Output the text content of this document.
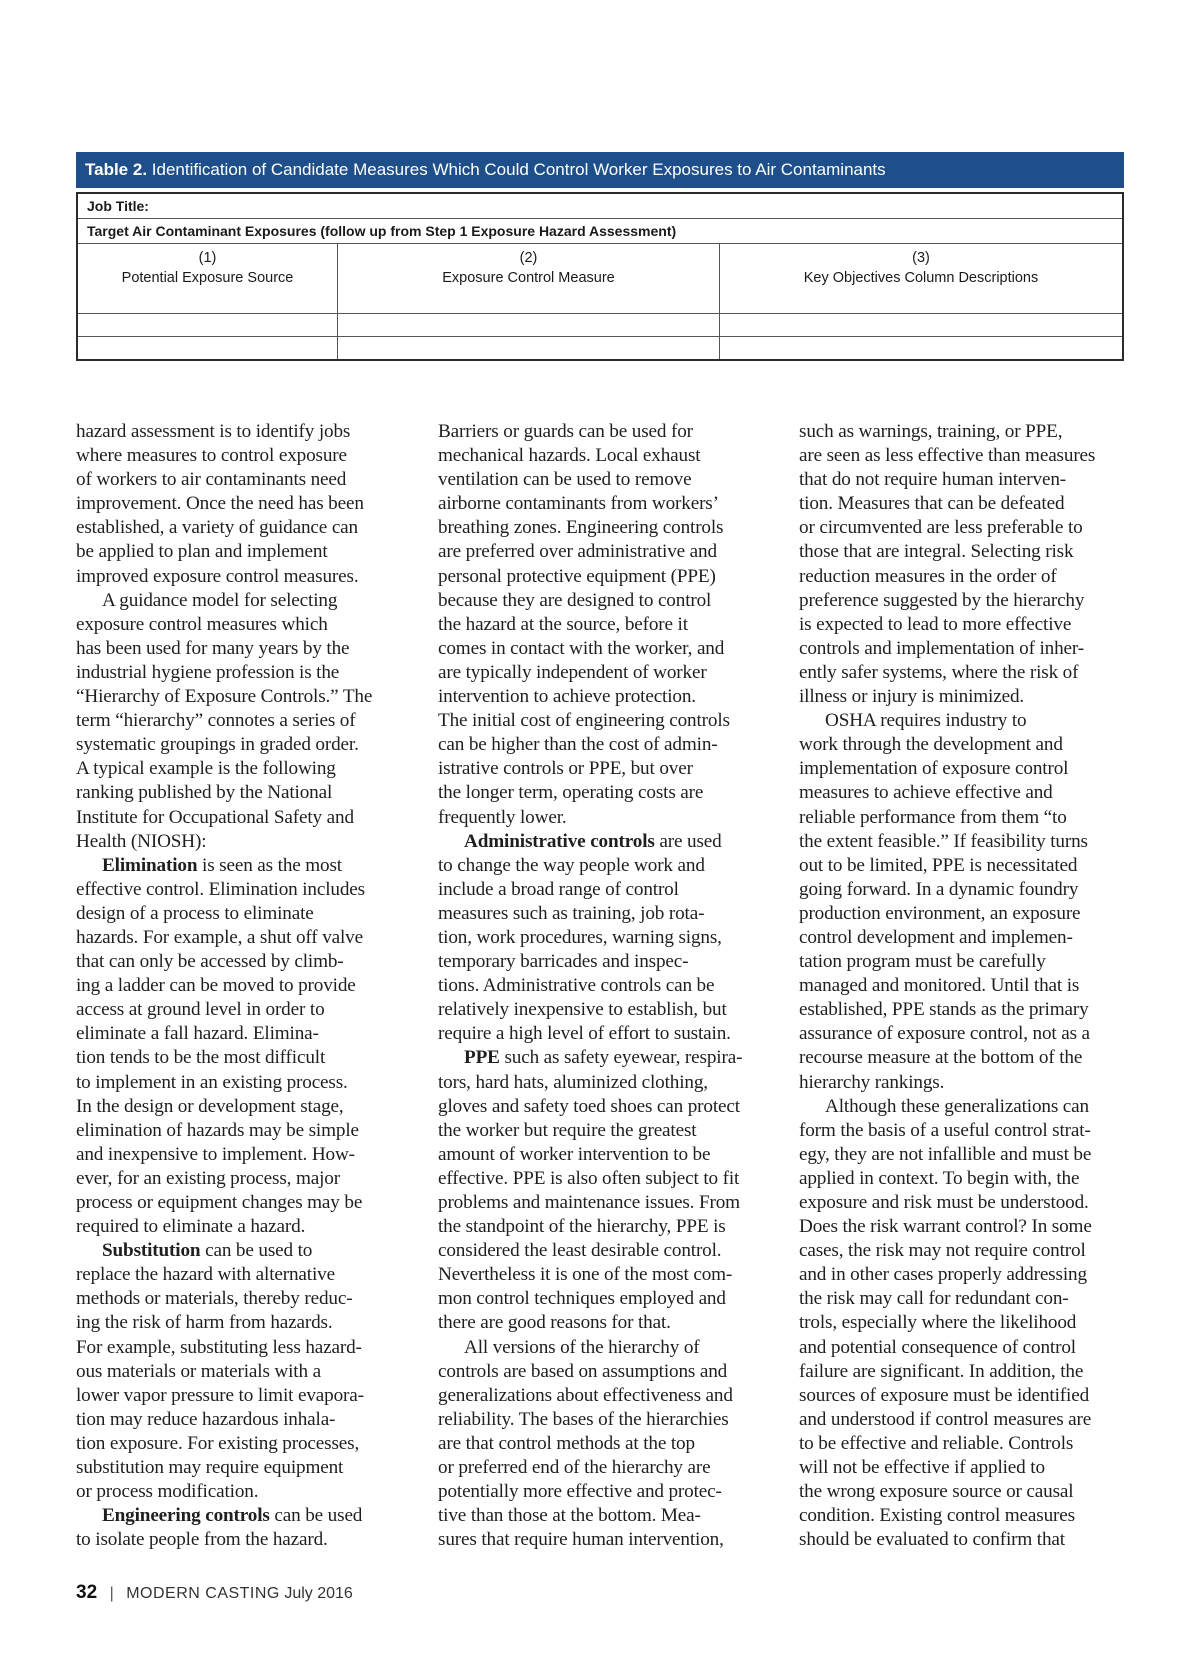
Table 2. Identification of Candidate Measures Which Could Control Worker Exposures to Air Contaminants
Job Title:
Target Air Contaminant Exposures (follow up from Step 1 Exposure Hazard Assessment)
(1)
Potential Exposure Source
(2)
Exposure Control Measure
(3)
Key Objectives Column Descriptions
hazard assessment is to identify jobs
where measures to control exposure
of workers to air contaminants need
improvement. Once the need has been
established, a variety of guidance can
be applied to plan and implement
improved exposure control measures.
A guidance model for selecting
exposure control measures which
has been used for many years by the
industrial hygiene profession is the
“Hierarchy of Exposure Controls.” The
term “hierarchy” connotes a series of
systematic groupings in graded order.
A typical example is the following
ranking published by the National
Institute for Occupational Safety and
Health (NIOSH):
Elimination is seen as the most
effective control. Elimination includes
design of a process to eliminate
hazards. For example, a shut off valve
that can only be accessed by climb-
ing a ladder can be moved to provide
access at ground level in order to
eliminate a fall hazard. Elimina-
tion tends to be the most difficult
to implement in an existing process.
In the design or development stage,
elimination of hazards may be simple
and inexpensive to implement. How-
ever, for an existing process, major
process or equipment changes may be
required to eliminate a hazard.
Substitution can be used to
replace the hazard with alternative
methods or materials, thereby reduc-
ing the risk of harm from hazards.
For example, substituting less hazard-
ous materials or materials with a
lower vapor pressure to limit evapora-
tion may reduce hazardous inhala-
tion exposure. For existing processes,
substitution may require equipment
or process modification.
Engineering controls can be used
to isolate people from the hazard.
Barriers or guards can be used for
mechanical hazards. Local exhaust
ventilation can be used to remove
airborne contaminants from workers’
breathing zones. Engineering controls
are preferred over administrative and
personal protective equipment (PPE)
because they are designed to control
the hazard at the source, before it
comes in contact with the worker, and
are typically independent of worker
intervention to achieve protection.
The initial cost of engineering controls
can be higher than the cost of admin-
istrative controls or PPE, but over
the longer term, operating costs are
frequently lower.
Administrative controls are used
to change the way people work and
include a broad range of control
measures such as training, job rota-
tion, work procedures, warning signs,
temporary barricades and inspec-
tions. Administrative controls can be
relatively inexpensive to establish, but
require a high level of effort to sustain.
PPE such as safety eyewear, respira-
tors, hard hats, aluminized clothing,
gloves and safety toed shoes can protect
the worker but require the greatest
amount of worker intervention to be
effective. PPE is also often subject to fit
problems and maintenance issues. From
the standpoint of the hierarchy, PPE is
considered the least desirable control.
Nevertheless it is one of the most com-
mon control techniques employed and
there are good reasons for that.
All versions of the hierarchy of
controls are based on assumptions and
generalizations about effectiveness and
reliability. The bases of the hierarchies
are that control methods at the top
or preferred end of the hierarchy are
potentially more effective and protec-
tive than those at the bottom. Mea-
sures that require human intervention,
such as warnings, training, or PPE,
are seen as less effective than measures
that do not require human interven-
tion. Measures that can be defeated
or circumvented are less preferable to
those that are integral. Selecting risk
reduction measures in the order of
preference suggested by the hierarchy
is expected to lead to more effective
controls and implementation of inher-
ently safer systems, where the risk of
illness or injury is minimized.
OSHA requires industry to
work through the development and
implementation of exposure control
measures to achieve effective and
reliable performance from them “to
the extent feasible.” If feasibility turns
out to be limited, PPE is necessitated
going forward. In a dynamic foundry
production environment, an exposure
control development and implemen-
tation program must be carefully
managed and monitored. Until that is
established, PPE stands as the primary
assurance of exposure control, not as a
recourse measure at the bottom of the
hierarchy rankings.
Although these generalizations can
form the basis of a useful control strat-
egy, they are not infallible and must be
applied in context. To begin with, the
exposure and risk must be understood.
Does the risk warrant control? In some
cases, the risk may not require control
and in other cases properly addressing
the risk may call for redundant con-
trols, especially where the likelihood
and potential consequence of control
failure are significant. In addition, the
sources of exposure must be identified
and understood if control measures are
to be effective and reliable. Controls
will not be effective if applied to
the wrong exposure source or causal
condition. Existing control measures
should be evaluated to confirm that
32 | MODERN CASTING July 2016
